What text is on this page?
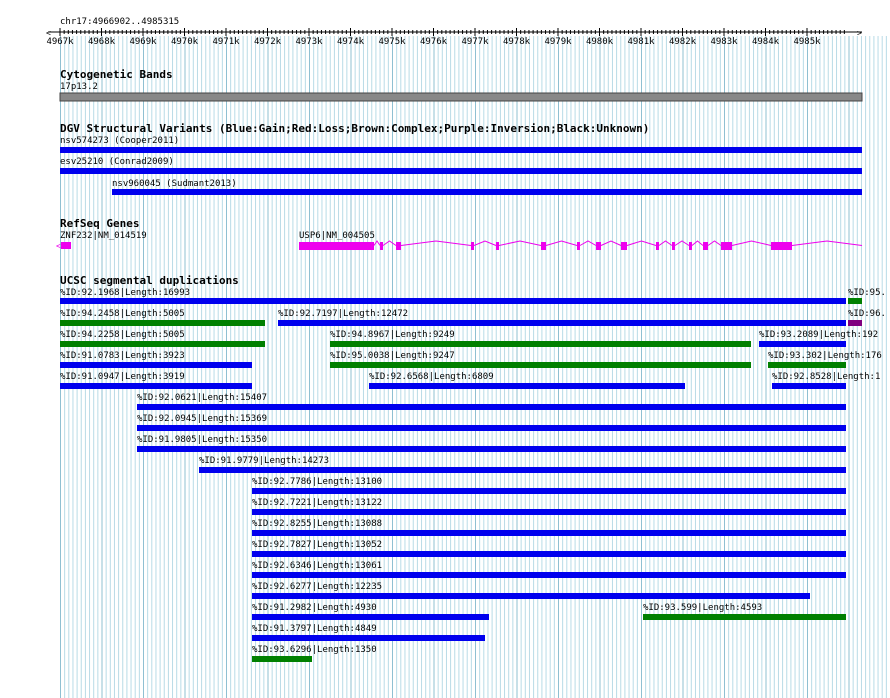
chr17:4966902..4985315
<	>
4967k 4968k 4969k 4970k 4971k 4972k 4973k 4974k 4975k 4976k 4977k 4978k 4979k 4980k 4981k 4982k 4983k 4984k 4985k
Cytogenetic Bands
17p13.2
DGV Structural Variants (Blue:Gain;Red:Loss;Brown:Complex;Purple:Inversion;Black:Unknown)
nsv574273 (Cooper2011)
esv25210 (Conrad2009)
nsv960045 (Sudmant2013)
RefSeq Genes
ZNF232|NM_014519
<
USP6|NM_004505
UCSC segmental duplications
%ID:92.1968|Length:16993	%ID:95.
%ID:94.2458|Length:5005	%ID:92.7197|Length:12472	%ID:96.
%ID:94.2258|Length:5005	%ID:94.8967|Length:9249	%ID:93.2089|Length:192
%ID:91.0783|Length:3923	%ID:95.0038|Length:9247	%ID:93.302|Length:176
%ID:91.0947|Length:3919	%ID:92.6568|Length:6809	%ID:92.8528|Length:1
%ID:92.0621|Length:15407
%ID:92.0945|Length:15369
%ID:91.9805|Length:15350
%ID:91.9779|Length:14273
%ID:92.7786|Length:13100
%ID:92.7221|Length:13122
%ID:92.8255|Length:13088
%ID:92.7827|Length:13052
%ID:92.6346|Length:13061
%ID:92.6277|Length:12235
%ID:91.2982|Length:4930	%ID:93.599|Length:4593
%ID:91.3797|Length:4849
%ID:93.6296|Length:1350
